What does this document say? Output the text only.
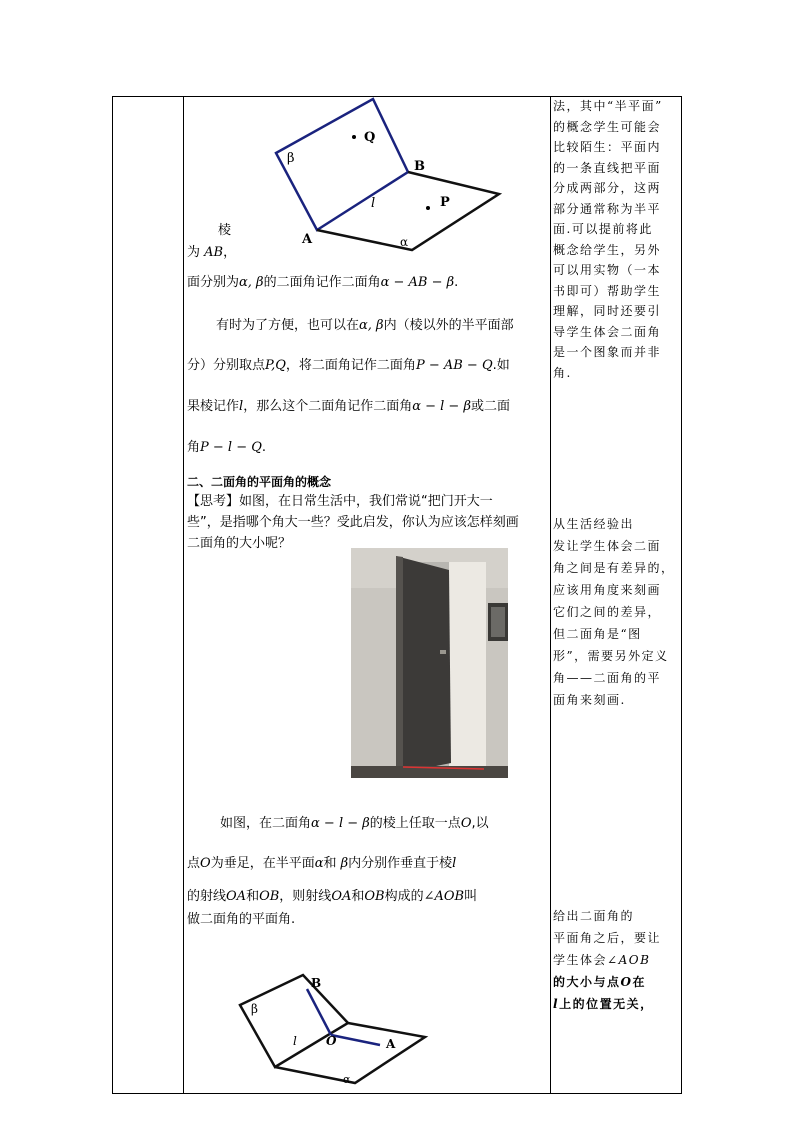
β
Q
B
l	P
A	α
棱
为 AB，
面分别为α, β的二面角记作二面角α − AB − β.
有时为了方便，也可以在α, β内（棱以外的半平面部
分）分别取点P,Q，将二面角记作二面角P − AB − Q.如
果棱记作l，那么这个二面角记作二面角α − l − β或二面
角P − l − Q.
二、二面角的平面角的概念
【思考】如图，在日常生活中，我们常说“把门开大一
些”，是指哪个角大一些？受此启发，你认为应该怎样刻画
二面角的大小呢？
如图，在二面角α − l − β的棱上任取一点O,以
点O为垂足，在半平面α和 β内分别作垂直于棱l
的射线OA和OB，则射线OA和OB构成的∠AOB叫
做二面角的平面角.
β
B
l O	A
α
法，其中“半平面”
的概念学生可能会
比较陌生：平面内
的一条直线把平面
分成两部分，这两
部分通常称为半平
面.可以提前将此
概念给学生，另外
可以用实物（一本
书即可）帮助学生
理解，同时还要引
导学生体会二面角
是一个图象而并非
角.
从生活经验出
发让学生体会二面
角之间是有差异的，
应该用角度来刻画
它们之间的差异，
但二面角是“图
形”，需要另外定义
角——二面角的平
面角来刻画.
给出二面角的
平面角之后，要让
学生体会∠AOB
的大小与点O在
l上的位置无关，
